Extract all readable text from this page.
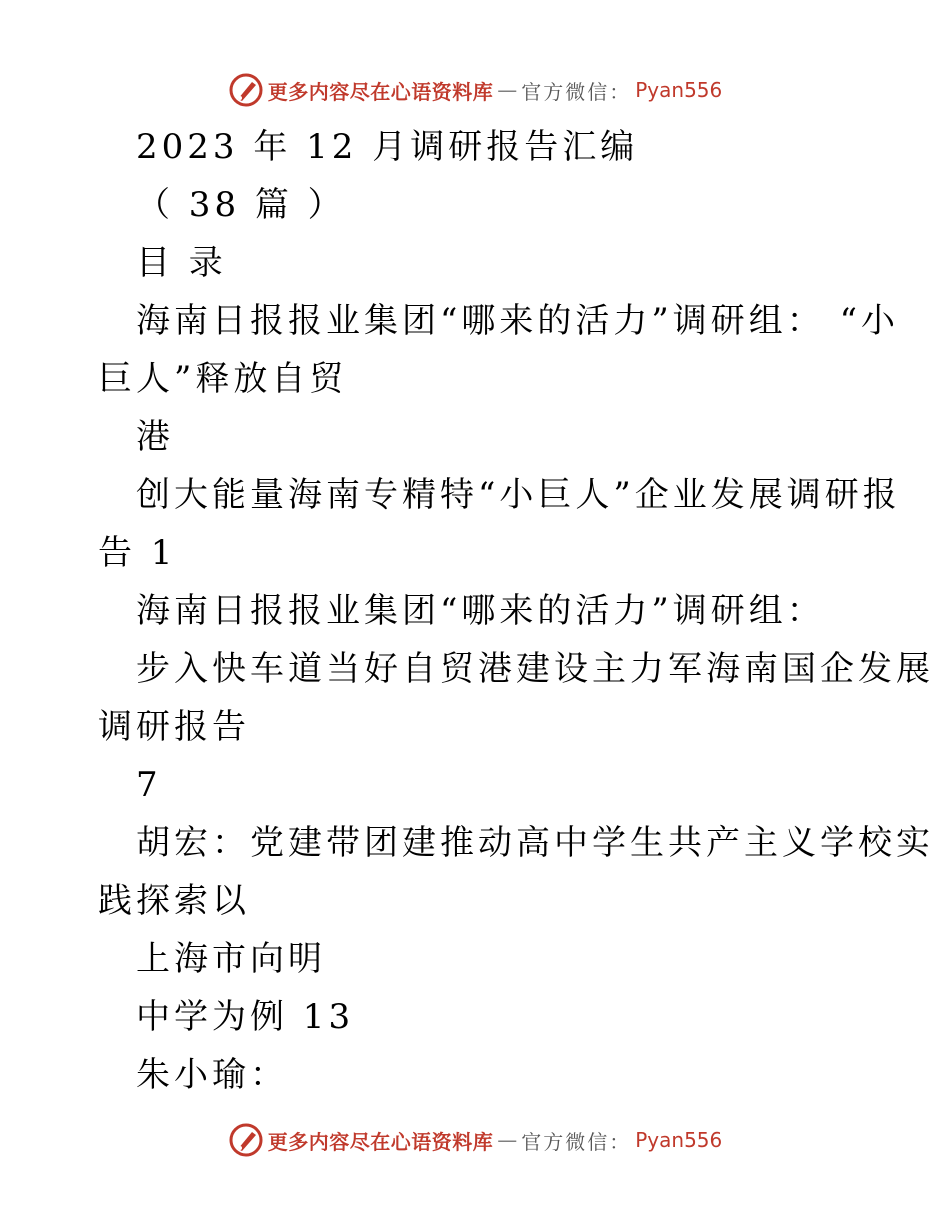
更多内容尽在心语资料库 — 官方微信： Pyan556
2023 年 12 月调研报告汇编
（ 38 篇 ）
目 录
海南日报报业集团“哪来的活力”调研组： “小
巨人”释放自贸
港
创大能量海南专精特“小巨人”企业发展调研报
告 1
海南日报报业集团“哪来的活力”调研组：
步入快车道当好自贸港建设主力军海南国企发展
调研报告
7
胡宏：党建带团建推动高中学生共产主义学校实
践探索以
上海市向明
中学为例 13
朱小瑜：
更多内容尽在心语资料库 — 官方微信： Pyan556
